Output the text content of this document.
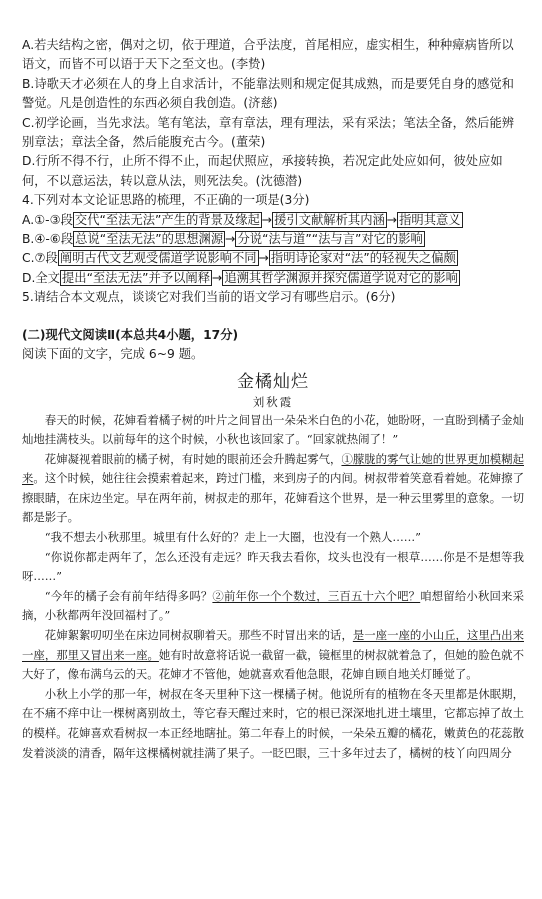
A.若夫结构之密，偶对之切，依于理道，合乎法度，首尾相应，虚实相生，种种瘴病皆所以语文，而皆不可以语于天下之至文也。(李贽)

B.诗歌天才必须在人的身上自求活计，不能靠法则和规定促其成熟，而是要凭自身的感觉和警觉。凡是创造性的东西必须自我创造。(济慈)

C.初学论画，当先求法。笔有笔法，章有章法，理有理法，采有采法；笔法全备，然后能辨别章法；章法全备，然后能腹充古今。(董荣)

D.行所不得不行，止所不得不止，而起伏照应，承接转换，若况定此处应如何，彼处应如何，不以意运法，转以意从法，则死法矣。(沈德潜)

4.下列对本文论证思路的梳理，不正确的一项是(3分)

A.①-③段 交代“至法无法”产生的背景及缘起 → 援引文献解析其内涵 → 指明其意义

B.④-⑥段 总说“至法无法”的思想渊源 → 分说“法与道”“法与言”对它的影响

C.⑦段 阐明古代文艺观受儒道学说影响不同 → 指明诗论家对“法”的轻视失之偏颇

D.全文 提出“至法无法”并予以阐释 → 追溯其哲学渊源并探究儒道学说对它的影响

5.请结合本文观点，谈谈它对我们当前的语文学习有哪些启示。(6分)

(二)现代文阅读Ⅱ(本总共4小题，17分)

阅读下面的文字，完成 6~9 题。

金橘灿烂
刘秋霞

春天的时候，花婶看着橘子树的叶片之间冒出一朵朵米白色的小花，她盼呀，一直盼到橘子金灿灿地挂满枝头。以前每年的这个时候，小秋也该回家了。“回家就热闹了！”

花婶凝视着眼前的橘子树，有时她的眼前还会升腾起雾气，①朦胧的雾气让她的世界更加模糊起来。这个时候，她往往会摸索着起来，跨过门槛，来到房子的内间。树叔带着笑意看着她。花婶擦了擦眼睛，在床边坐定。早在两年前，树叔走的那年，花婶看这个世界，是一种云里雾里的意象。一切都是影子。

“我不想去小秋那里。城里有什么好的？走上一大圈，也没有一个熟人……”

“你说你都走两年了，怎么还没有走远？昨天我去看你，坟头也没有一根草……你是不是想等我呀……”

“今年的橘子会有前年结得多吗？②前年你一个个数过，三百五十六个吧？咱想留给小秋回来采摘，小秋都两年没回福村了。”

花婶絮絮叨叨坐在床边同树叔聊着天。那些不时冒出来的话，是一座一座的小山丘，这里凸出来一座，那里又冒出来一座。她有时故意将话说一截留一截，镜框里的树叔就着急了，但她的脸色就不大好了，像布满乌云的天。花婶才不管他，她就喜欢看他急眼，花婶自顾自地关灯睡觉了。

小秋上小学的那一年，树叔在冬天里种下这一棵橘子树。他说所有的植物在冬天里都是休眠期，在不痛不痒中让一棵树离别故土，等它春天醒过来时，它的根已深深地扎进土壤里，它都忘掉了故土的模样。花婶喜欢看树叔一本正经地瞎扯。第二年春上的时候，一朵朵五瓣的橘花，嫩黄色的花蕊散发着淡淡的清香，隔年这棵橘树就挂满了果子。一眨巴眼，三十多年过去了，橘树的枝丫向四周分
